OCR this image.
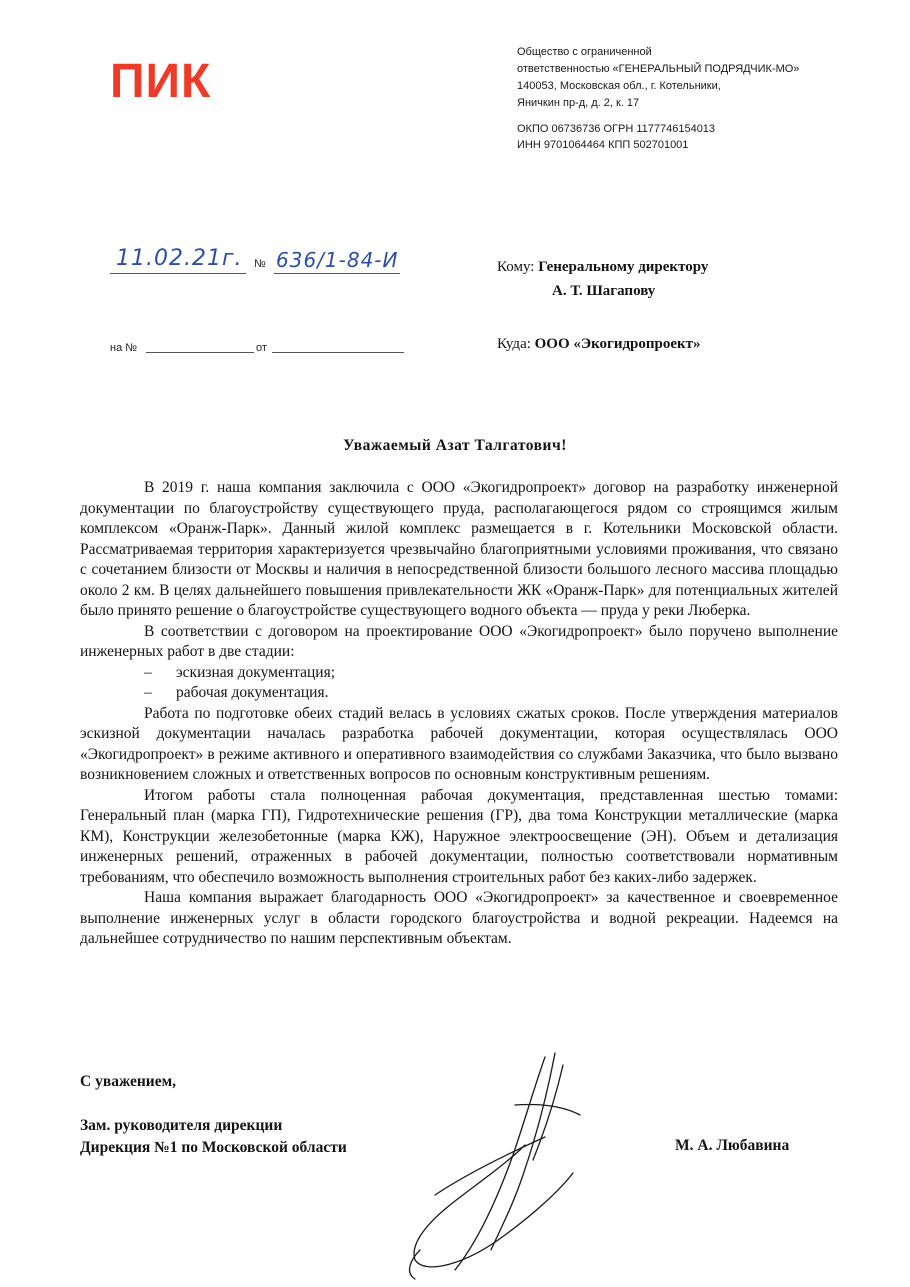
ПИК
Общество с ограниченной
ответственностью «ГЕНЕРАЛЬНЫЙ ПОДРЯДЧИК-МО»
140053, Московская обл., г. Котельники,
Яничкин пр-д, д. 2, к. 17
ОКПО 06736736 ОГРН 1177746154013
ИНН 9701064464 КПП 502701001
11.02.21г. № 636/1-84-И
на №	от
Кому: Генеральному директору
А. Т. Шагапову
Куда: ООО «Экогидропроект»
Уважаемый Азат Талгатович!

В 2019 г. наша компания заключила с ООО «Экогидропроект» договор на разработку инженерной документации по благоустройству существующего пруда, располагающегося рядом со строящимся жилым комплексом «Оранж-Парк». Данный жилой комплекс размещается в г. Котельники Московской области. Рассматриваемая территория характеризуется чрезвычайно благоприятными условиями проживания, что связано с сочетанием близости от Москвы и наличия в непосредственной близости большого лесного массива площадью около 2 км. В целях дальнейшего повышения привлекательности ЖК «Оранж-Парк» для потенциальных жителей было принято решение о благоустройстве существующего водного объекта — пруда у реки Люберка.

В соответствии с договором на проектирование ООО «Экогидропроект» было поручено выполнение инженерных работ в две стадии:

– эскизная документация;
– рабочая документация.

Работа по подготовке обеих стадий велась в условиях сжатых сроков. После утверждения материалов эскизной документации началась разработка рабочей документации, которая осуществлялась ООО «Экогидропроект» в режиме активного и оперативного взаимодействия со службами Заказчика, что было вызвано возникновением сложных и ответственных вопросов по основным конструктивным решениям.

Итогом работы стала полноценная рабочая документация, представленная шестью томами: Генеральный план (марка ГП), Гидротехнические решения (ГР), два тома Конструкции металлические (марка КМ), Конструкции железобетонные (марка КЖ), Наружное электроосвещение (ЭН). Объем и детализация инженерных решений, отраженных в рабочей документации, полностью соответствовали нормативным требованиям, что обеспечило возможность выполнения строительных работ без каких-либо задержек.

Наша компания выражает благодарность ООО «Экогидропроект» за качественное и своевременное выполнение инженерных услуг в области городского благоустройства и водной рекреации. Надеемся на дальнейшее сотрудничество по нашим перспективным объектам.

С уважением,
Зам. руководителя дирекции
Дирекция №1 по Московской области	М. А. Любавина
